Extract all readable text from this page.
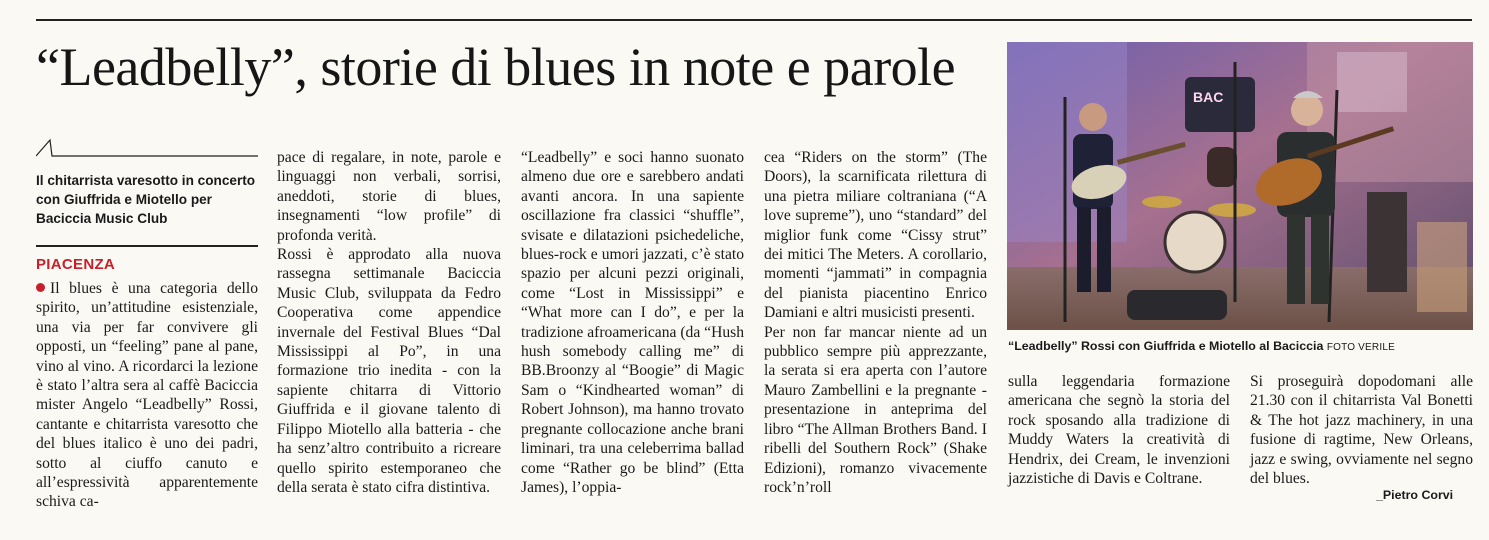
“Leadbelly”, storie di blues in note e parole
Il chitarrista varesotto in concerto con Giuffrida e Miotello per Baciccia Music Club
PIACENZA

Il blues è una categoria dello spirito, un’attitudine esistenziale, una via per far convivere gli opposti, un “feeling” pane al pane, vino al vino. A ricordarci la lezione è stato l’altra sera al caffè Baciccia mister Angelo “Leadbelly” Rossi, cantante e chitarrista varesotto che del blues italico è uno dei padri, sotto al ciuffo canuto e all’espressività apparentemente schiva ca-

pace di regalare, in note, parole e linguaggi non verbali, sorrisi, aneddoti, storie di blues, insegnamenti “low profile” di profonda verità.
Rossi è approdato alla nuova rassegna settimanale Baciccia Music Club, sviluppata da Fedro Cooperativa come appendice invernale del Festival Blues “Dal Mississippi al Po”, in una formazione trio inedita - con la sapiente chitarra di Vittorio Giuffrida e il giovane talento di Filippo Miotello alla batteria - che ha senz’altro contribuito a ricreare quello spirito estemporaneo che della serata è stato cifra distintiva.

“Leadbelly” e soci hanno suonato almeno due ore e sarebbero andati avanti ancora. In una sapiente oscillazione fra classici “shuffle”, svisate e dilatazioni psichedeliche, blues-rock e umori jazzati, c’è stato spazio per alcuni pezzi originali, come “Lost in Mississippi” e “What more can I do”, e per la tradizione afroamericana (da “Hush hush somebody calling me” di BB.Broonzy al “Boogie” di Magic Sam o “Kindhearted woman” di Robert Johnson), ma hanno trovato pregnante collocazione anche brani liminari, tra una celeberrima ballad come “Rather go be blind” (Etta James), l’oppia-

cea “Riders on the storm” (The Doors), la scarnificata rilettura di una pietra miliare coltraniana (“A love supreme”), uno “standard” del miglior funk come “Cissy strut” dei mitici The Meters. A corollario, momenti “jammati” in compagnia del pianista piacentino Enrico Damiani e altri musicisti presenti.
Per non far mancar niente ad un pubblico sempre più apprezzante, la serata si era aperta con l’autore Mauro Zambellini e la pregnante - presentazione in anteprima del libro “The Allman Brothers Band. I ribelli del Southern Rock” (Shake Edizioni), romanzo vivacemente rock’n’roll

BAC
“Leadbelly” Rossi con Giuffrida e Miotello al Baciccia FOTO VERILE

sulla leggendaria formazione americana che segnò la storia del rock sposando alla tradizione di Muddy Waters la creatività di Hendrix, dei Cream, le invenzioni jazzistiche di Davis e Coltrane.

Si proseguirà dopodomani alle 21.30 con il chitarrista Val Bonetti & The hot jazz machinery, in una fusione di ragtime, New Orleans, jazz e swing, ovviamente nel segno del blues.

_Pietro Corvi
